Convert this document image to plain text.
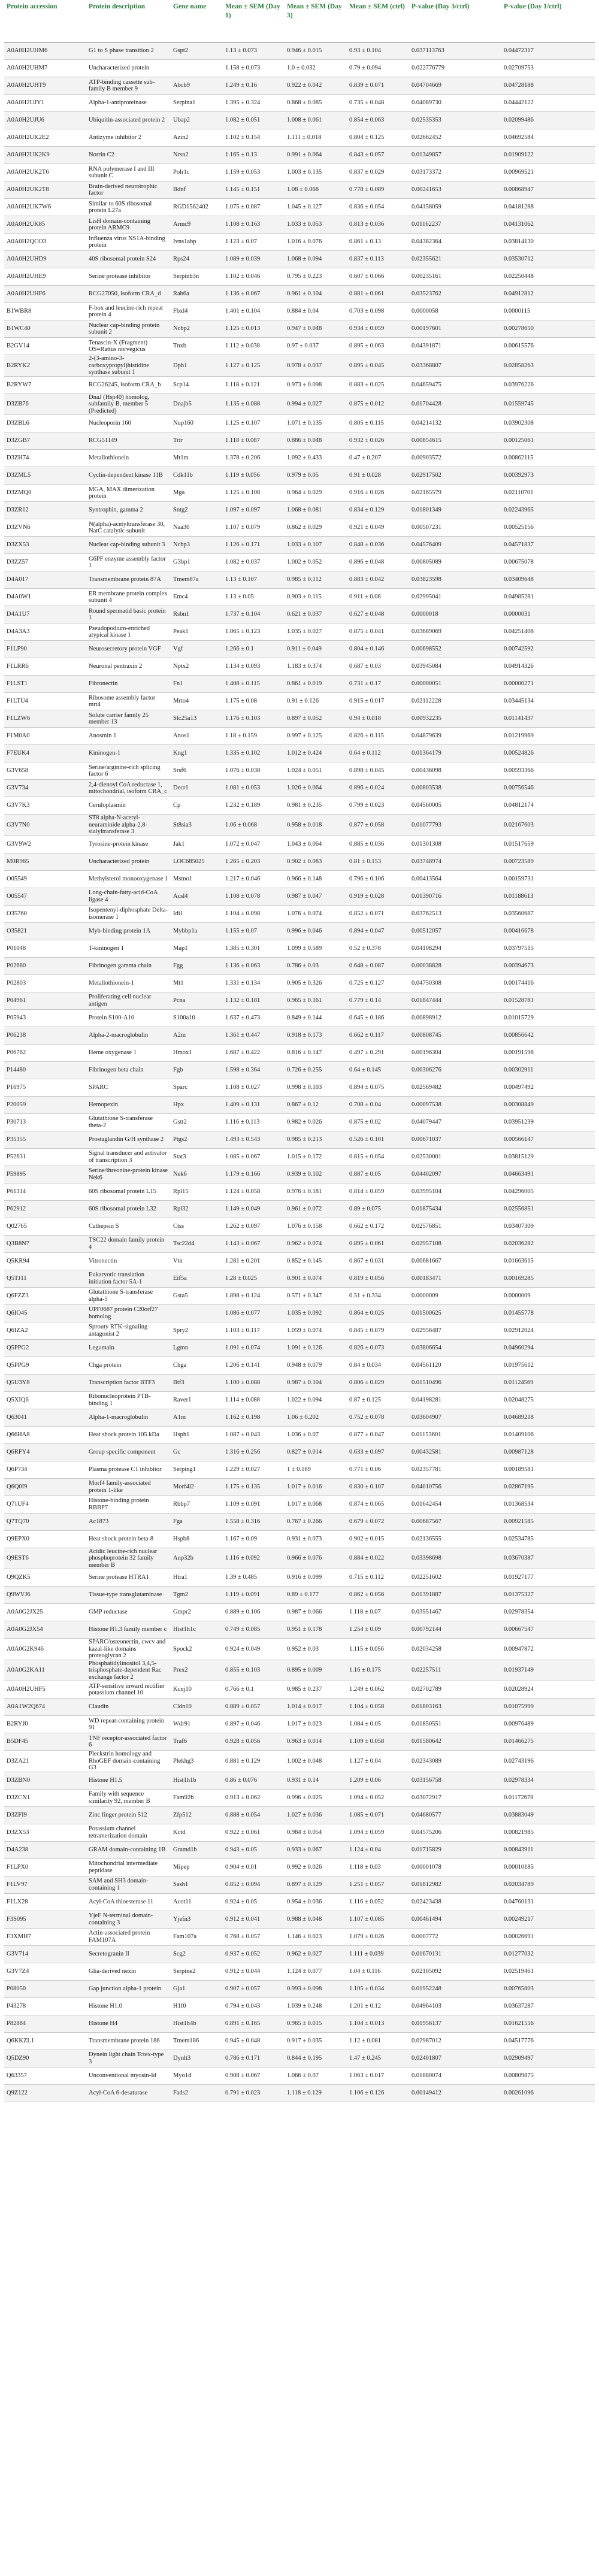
Protein accession	Protein description	Gene name	Mean ± SEM (Day 1)	Mean ± SEM (Day 3)	Mean ± SEM (ctrl)	P-value (Day 3/ctrl)	P-value (Day 1/ctrl)
A0A0H2UHM6	G1 to S phase transition 2	Gspt2	1.13 ± 0.073	0.946 ± 0.015	0.93 ± 0.104	0.037113763	0.04472317
A0A0H2UHM7	Uncharacterized protein		1.158 ± 0.073	1.0 ± 0.032	0.79 ± 0.094	0.022776779	0.02709753
A0A0H2UHT9	ATP-binding cassette sub-family B member 9	Abcb9	1.249 ± 0.16	0.922 ± 0.042	0.839 ± 0.071	0.04704669	0.04728188
A0A0H2UJY1	Alpha-1-antiproteinase	Serpina1	1.395 ± 0.324	0.868 ± 0.085	0.735 ± 0.048	0.04089730	0.04442122
A0A0H2UJU6	Ubiquitin-associated protein 2	Ubap2	1.082 ± 0.051	1.008 ± 0.061	0.854 ± 0.063	0.02535353	0.02099486
A0A0H2UK2E2	Antizyme inhibitor 2	Azin2	1.102 ± 0.154	1.111 ± 0.018	0.804 ± 0.125	0.02662452	0.04692584
A0A0H2UK2K9	Norrin C2	Nrsn2	1.165 ± 0.13	0.991 ± 0.064	0.843 ± 0.057	0.01349857	0.01909122
A0A0H2UK2T6	RNA polymerase I and III subunit C	Polr1c	1.159 ± 0.053	1.003 ± 0.135	0.837 ± 0.029	0.03173372	0.00969521
A0A0H2UK2T8	Brain-derived neurotrophic factor	Bdnf	1.145 ± 0.151	1.08 ± 0.068	0.778 ± 0.089	0.00241653	0.00868947
A0A0H2UK7W6	Similar to 60S ribosomal protein L27a	RGD1562402	1.075 ± 0.087	1.045 ± 0.127	0.836 ± 0.054	0.04158059	0.04181288
A0A0H2UK85	LisH domain-containing protein ARMC9	Armc9	1.108 ± 0.163	1.033 ± 0.053	0.813 ± 0.036	0.01162237	0.04131062
A0A0H2QCO3	Influenza virus NS1A-binding protein	Ivns1abp	1.123 ± 0.07	1.016 ± 0.076	0.861 ± 0.13	0.04382364	0.03814130
A0A0H2UHD9	40S ribosomal protein S24	Rps24	1.089 ± 0.039	1.068 ± 0.094	0.837 ± 0.113	0.02355621	0.03530712
A0A0H2UHE9	Serine protease inhibitor	Serpinb3n	1.102 ± 0.046	0.795 ± 0.223	0.607 ± 0.066	0.00235161	0.02250448
A0A0H2UHF6	RCG27050, isoform CRA_d	Rab6a	1.136 ± 0.067	0.961 ± 0.104	0.881 ± 0.061	0.03523762	0.04912812
B1WBR8	F-box and leucine-rich repeat protein 4	Fbxl4	1.401 ± 0.104	0.884 ± 0.04	0.703 ± 0.098	0.0000058	0.0000115
B1WC40	Nuclear cap-binding protein subunit 2	Ncbp2	1.125 ± 0.013	0.947 ± 0.048	0.934 ± 0.059	0.00197601	0.00278650
B2GV14	Tenascin-X (Fragment) OS=Rattus norvegicus	Tnxb	1.112 ± 0.038	0.97 ± 0.037	0.895 ± 0.063	0.04391871	0.00615576
B2RYK2	2-(3-amino-3-carboxypropyl)histidine synthase subunit 1	Dph1	1.127 ± 0.125	0.978 ± 0.037	0.895 ± 0.045	0.03368807	0.02858263
B2RYW7	RCG26245, isoform CRA_b	Scp14	1.118 ± 0.121	0.973 ± 0.098	0.883 ± 0.025	0.04659475	0.03976226
D3ZB76	DnaJ (Hsp40) homolog, subfamily B, member 5 (Predicted)	Dnajb5	1.135 ± 0.088	0.994 ± 0.027	0.875 ± 0.012	0.01704428	0.01559745
D3ZBL6	Nucleoporin 160	Nup160	1.125 ± 0.107	1.071 ± 0.135	0.805 ± 0.115	0.04214132	0.03902308
D3ZGB7	RCG51149	Trir	1.118 ± 0.087	0.886 ± 0.048	0.932 ± 0.026	0.00854615	0.00125061
D3ZH74	Metallothionein	Mt1m	1.378 ± 0.206	1.092 ± 0.433	0.47 ± 0.207	0.00903572	0.00862115
D3ZML5	Cyclin-dependent kinase 11B	Cdk11b	1.119 ± 0.056	0.979 ± 0.05	0.91 ± 0.028	0.02917502	0.00392973
D3ZMQ0	MGA, MAX dimerization protein	Mga	1.125 ± 0.108	0.964 ± 0.029	0.916 ± 0.026	0.02165579	0.02110701
D3ZR12	Syntrophin, gamma 2	Sntg2	1.097 ± 0.097	1.068 ± 0.081	0.834 ± 0.129	0.01801349	0.02243965
D3ZVN6	N(alpha)-acetyltransferase 30, NatC catalytic subunit	Naa30	1.107 ± 0.079	0.862 ± 0.029	0.921 ± 0.049	0.00507231	0.00525156
D3ZX53	Nuclear cap-binding subunit 3	Ncbp3	1.126 ± 0.171	1.033 ± 0.107	0.848 ± 0.036	0.04576409	0.04571837
D3ZZ57	G6PF enzyme assembly factor 1	G3bp1	1.082 ± 0.037	1.002 ± 0.052	0.896 ± 0.048	0.00805089	0.00675078
D4A017	Transmembrane protein 87A	Tmem87a	1.13 ± 0.107	0.985 ± 0.112	0.883 ± 0.042	0.03823598	0.03409648
D4A0W1	ER membrane protein complex subunit 4	Emc4	1.13 ± 0.05	0.903 ± 0.115	0.911 ± 0.08	0.02995041	0.04985281
D4A1U7	Round spermatid basic protein 1	Rsbn1	1.737 ± 0.104	0.621 ± 0.037	0.627 ± 0.048	0.0000018	0.0000031
D4A3A3	Pseudopodium-enriched atypical kinase 1	Peak1	1.065 ± 0.123	1.035 ± 0.027	0.875 ± 0.041	0.03689069	0.04251408
F1LP90	Neurosecretory protein VGF	Vgf	1.266 ± 0.1	0.911 ± 0.049	0.804 ± 0.146	0.00698552	0.00742592
F1LRR6	Neuronal pentraxin 2	Nptx2	1.134 ± 0.093	1.183 ± 0.374	0.687 ± 0.03	0.03945084	0.04914326
F1LST1	Fibronectin	Fn1	1.408 ± 0.115	0.861 ± 0.019	0.731 ± 0.17	0.00000051	0.00000271
F1LTU4	Ribosome assembly factor mrt4	Mrto4	1.175 ± 0.08	0.91 ± 0.126	0.915 ± 0.017	0.02112228	0.03445134
F1LZW6	Solute carrier family 25 member 13	Slc25a13	1.176 ± 0.103	0.897 ± 0.052	0.94 ± 0.018	0.00932235	0.01141437
F1M0A0	Anosmin 1	Anos1	1.18 ± 0.159	0.997 ± 0.125	0.826 ± 0.115	0.04879639	0.01219969
F7EUK4	Kininogen-1	Kng1	1.335 ± 0.102	1.012 ± 0.424	0.64 ± 0.112	0.01364179	0.00524826
G3V658	Serine/arginine-rich splicing factor 6	Srsf6	1.076 ± 0.038	1.024 ± 0.051	0.898 ± 0.045	0.00436098	0.00593366
G3V734	2,4-dienoyl CoA reductase 1, mitochondrial, isoform CRA_c	Decr1	1.081 ± 0.053	1.026 ± 0.064	0.896 ± 0.024	0.00803538	0.00756546
G3V7K3	Ceruloplasmin	Cp	1.232 ± 0.189	0.981 ± 0.235	0.799 ± 0.023	0.04560005	0.04812174
G3V7N0	ST8 alpha-N-acetyl-neuraminide alpha-2,8-sialyltransferase 3	St8sia3	1.06 ± 0.068	0.958 ± 0.018	0.877 ± 0.058	0.01077793	0.02167603
G3V9W2	Tyrosine-protein kinase	Jak1	1.072 ± 0.047	1.043 ± 0.064	0.885 ± 0.036	0.01301308	0.01517659
M0R965	Uncharacterized protein	LOC685025	1.265 ± 0.203	0.902 ± 0.083	0.81 ± 0.153	0.03748974	0.00723589
O05549	Methylsterol monooxygenase 1	Msmo1	1.217 ± 0.046	0.966 ± 0.148	0.796 ± 0.106	0.00413564	0.00159731
O05547	Long-chain-fatty-acid-CoA ligase 4	Acsl4	1.108 ± 0.078	0.987 ± 0.047	0.919 ± 0.028	0.01390716	0.01188613
O35760	Isopentenyl-diphosphate Delta-isomerase 1	Idi1	1.104 ± 0.098	1.076 ± 0.074	0.852 ± 0.071	0.03762513	0.03560687
O35821	Myb-binding protein 1A	Mybbp1a	1.155 ± 0.07	0.996 ± 0.046	0.894 ± 0.047	0.00512057	0.00416678
P01048	T-kininogen 1	Map1	1.385 ± 0.301	1.099 ± 0.589	0.52 ± 0.378	0.04108294	0.03797515
P02680	Fibrinogen gamma chain	Fgg	1.136 ± 0.063	0.786 ± 0.03	0.648 ± 0.087	0.00038828	0.00394673
P02803	Metallothionein-1	Mt1	1.331 ± 0.134	0.905 ± 0.326	0.725 ± 0.127	0.04750308	0.00174416
P04961	Proliferating cell nuclear antigen	Pcna	1.132 ± 0.181	0.965 ± 0.161	0.779 ± 0.14	0.01847444	0.01528781
P05943	Protein S100-A10	S100a10	1.637 ± 0.473	0.849 ± 0.144	0.645 ± 0.186	0.00898912	0.01015729
P06238	Alpha-2-macroglobulin	A2m	1.361 ± 0.447	0.918 ± 0.173	0.662 ± 0.117	0.00808745	0.00856642
P06762	Heme oxygenase 1	Hmox1	1.687 ± 0.422	0.816 ± 0.147	0.497 ± 0.291	0.00196304	0.00191598
P14480	Fibrinogen beta chain	Fgb	1.598 ± 0.364	0.726 ± 0.255	0.64 ± 0.145	0.00306276	0.00302911
P16975	SPARC	Sparc	1.108 ± 0.027	0.998 ± 0.103	0.894 ± 0.075	0.02569482	0.00497492
P20059	Hemopexin	Hpx	1.409 ± 0.131	0.867 ± 0.12	0.708 ± 0.04	0.00097538	0.00308849
P30713	Glutathione S-transferase theta-2	Gstt2	1.116 ± 0.113	0.982 ± 0.026	0.875 ± 0.02	0.04079447	0.03951239
P35355	Prostaglandin G/H synthase 2	Ptgs2	1.493 ± 0.543	0.985 ± 0.213	0.526 ± 0.101	0.00671037	0.00566147
P52631	Signal transducer and activator of transcription 3	Stat3	1.085 ± 0.067	1.015 ± 0.172	0.815 ± 0.054	0.02530001	0.03815129
P59895	Serine/threonine-protein kinase Nek6	Nek6	1.179 ± 0.166	0.939 ± 0.102	0.887 ± 0.05	0.04402097	0.04663491
P61314	60S ribosomal protein L15	Rpl15	1.124 ± 0.058	0.976 ± 0.181	0.814 ± 0.059	0.03995104	0.04296005
P62912	60S ribosomal protein L32	Rpl32	1.149 ± 0.049	0.961 ± 0.072	0.89 ± 0.075	0.01875434	0.02556851
Q02765	Cathepsin S	Ctss	1.262 ± 0.097	1.076 ± 0.158	0.662 ± 0.172	0.02576851	0.03407309
Q3B8N7	TSC22 domain family protein 4	Tsc22d4	1.143 ± 0.067	0.962 ± 0.074	0.895 ± 0.061	0.02957108	0.02036282
Q5KR94	Vitronectin	Vtn	1.281 ± 0.201	0.852 ± 0.145	0.867 ± 0.031	0.00681667	0.01663615
Q5TJ11	Eukaryotic translation initiation factor 5A-1	Eif5a	1.28 ± 0.025	0.901 ± 0.074	0.819 ± 0.056	0.00183471	0.00169285
Q6FZZ3	Glutathione S-transferase alpha-5	Gsta5	1.898 ± 0.124	0.571 ± 0.347	0.51 ± 0.334	0.0000009	0.0000009
Q6IO45	UPF0687 protein C20orf27 homolog		1.086 ± 0.077	1.035 ± 0.092	0.864 ± 0.025	0.01500625	0.01455778
Q6IZA2	Sprouty RTK-signaling antagonist 2	Spry2	1.103 ± 0.117	1.059 ± 0.074	0.845 ± 0.079	0.02956487	0.02912024
Q5PPG2	Legumain	Lgmn	1.091 ± 0.074	1.091 ± 0.126	0.826 ± 0.073	0.03806654	0.04960294
Q5PPG9	Chga protein	Chga	1.206 ± 0.141	0.948 ± 0.079	0.84 ± 0.034	0.04561120	0.01975612
Q5U3Y8	Transcription factor BTF3	Btf3	1.100 ± 0.088	0.987 ± 0.104	0.806 ± 0.029	0.01510496	0.01124569
Q5XIQ6	Ribonucleoprotein PTB-binding 1	Raver1	1.114 ± 0.088	1.022 ± 0.094	0.87 ± 0.125	0.04198281	0.02048275
Q63041	Alpha-1-macroglobulin	A1m	1.162 ± 0.198	1.06 ± 0.202	0.752 ± 0.078	0.03604907	0.04689218
Q66HA8	Heat shock protein 105 kDa	Hsph1	1.087 ± 0.043	1.036 ± 0.07	0.877 ± 0.047	0.01153601	0.01409106
Q6RFY4	Group specific component	Gc	1.316 ± 0.256	0.827 ± 0.014	0.633 ± 0.097	0.00432581	0.00987128
Q6P734	Plasma protease C1 inhibitor	Serping1	1.229 ± 0.027	1 ± 0.169	0.771 ± 0.06	0.02357781	0.00189581
Q6Q0I9	Morf4 family-associated protein 1-like	Morf4l2	1.175 ± 0.135	1.017 ± 0.016	0.830 ± 0.107	0.04010756	0.02867195
Q71UF4	Histone-binding protein RBBP7	Rbbp7	1.109 ± 0.091	1.017 ± 0.068	0.874 ± 0.065	0.01642454	0.01368534
Q7TQ70	Ac1873	Fga	1.558 ± 0.316	0.767 ± 0.266	0.679 ± 0.072	0.00687567	0.00921585
Q9EPX0	Heat shock protein beta-8	Hspb8	1.167 ± 0.09	0.931 ± 0.073	0.902 ± 0.015	0.02136555	0.02534785
Q9EST6	Acidic leucine-rich nuclear phosphoprotein 32 family member B	Anp32b	1.116 ± 0.092	0.966 ± 0.076	0.884 ± 0.022	0.03398698	0.03670387
Q9QZK5	Serine protease HTRA1	Htra1	1.39 ± 0.485	0.916 ± 0.099	0.715 ± 0.112	0.02251602	0.01927177
Q9WVJ6	Tissue-type transglutaminase	Tgm2	1.119 ± 0.091	0.89 ± 0.177	0.862 ± 0.056	0.01391887	0.01375327
A0A0G2JX25	GMP reductase	Gmpr2	0.889 ± 0.106	0.987 ± 0.066	1.118 ± 0.07	0.03551467	0.02978354
A0A0G2JX54	Histone H1.3 family member c	Hist1h1c	0.749 ± 0.085	0.951 ± 0.178	1.254 ± 0.09	0.00792144	0.00667547
A0A0G2K946	SPARC/osteonectin, cwcv and kazal-like domains proteoglycan 2	Spock2	0.924 ± 0.049	0.952 ± 0.03	1.115 ± 0.056	0.02034258	0.00947872
A0A0G2KA11	Phosphatidylinositol 3,4,5-trisphosphate-dependent Rac exchange factor 2	Prex2	0.855 ± 0.103	0.895 ± 0.009	1.16 ± 0.175	0.02257511	0.01937149
A0A0H2UHF5	ATP-sensitive inward rectifier potassium channel 10	Kcnj10	0.766 ± 0.1	0.985 ± 0.237	1.249 ± 0.062	0.02702789	0.02028924
A0A1W2Q674	Claudin	Cldn10	0.889 ± 0.057	1.014 ± 0.017	1.104 ± 0.058	0.01803163	0.01075999
B2RYJ0	WD repeat-containing protein 91	Wdr91	0.897 ± 0.046	1.017 ± 0.023	1.084 ± 0.05	0.01850551	0.00976489
B5DF45	TNF receptor-associated factor 6	Traf6	0.928 ± 0.056	0.963 ± 0.014	1.109 ± 0.058	0.01580642	0.01466275
D3ZA21	Pleckstrin homology and RhoGEF domain-containing G3	Plekhg3	0.881 ± 0.129	1.002 ± 0.048	1.127 ± 0.04	0.02343089	0.02743196
D3ZBN0	Histone H1.5	Hist1h1b	0.86 ± 0.076	0.931 ± 0.14	1.209 ± 0.06	0.03156758	0.02978334
D3ZCN1	Family with sequence similarity 92, member B	Fam92b	0.913 ± 0.062	0.996 ± 0.025	1.094 ± 0.052	0.03072917	0.01172678
D3ZFI9	Zinc finger protein 512	Zfp512	0.888 ± 0.054	1.027 ± 0.036	1.085 ± 0.071	0.04680577	0.03883049
D3ZX53	Potassium channel tetramerization domain	Kctd	0.922 ± 0.061	0.984 ± 0.054	1.094 ± 0.059	0.04575206	0.00821985
D4A238	GRAM domain-containing 1B	Gramd1b	0.943 ± 0.05	0.933 ± 0.067	1.124 ± 0.04	0.01715829	0.00843911
F1LPX0	Mitochondrial intermediate peptidase	Mipep	0.904 ± 0.01	0.992 ± 0.026	1.118 ± 0.03	0.00001078	0.00010185
F1LV97	SAM and SH3 domain-containing 1	Sash1	0.852 ± 0.094	0.897 ± 0.129	1.251 ± 0.057	0.01812982	0.02034789
F1LX28	Acyl-CoA thioesterase 11	Acot11	0.924 ± 0.05	0.954 ± 0.036	1.116 ± 0.052	0.02423438	0.04760131
F3S095	YjeF N-terminal domain-containing 3	Yjefn3	0.912 ± 0.041	0.988 ± 0.048	1.107 ± 0.085	0.00461494	0.00249217
F3XMH7	Actin-associated protein FAM107A	Fam107a	0.768 ± 0.057	1.146 ± 0.023	1.079 ± 0.026	0.0007772	0.00026691
G3V714	Secretogranin II	Scg2	0.937 ± 0.052	0.962 ± 0.027	1.111 ± 0.039	0.01670131	0.01277032
G3V7Z4	Glia-derived nexin	Serpine2	0.912 ± 0.044	1.124 ± 0.077	1.04 ± 0.116	0.02105092	0.02519461
P08050	Gap junction alpha-1 protein	Gja1	0.907 ± 0.057	0.993 ± 0.098	1.105 ± 0.034	0.01952248	0.00765803
P43278	Histone H1.0	H1f0	0.794 ± 0.043	1.039 ± 0.248	1.201 ± 0.12	0.04964103	0.03637287
P82884	Histone H4	Hist1h4b	0.891 ± 0.165	0.965 ± 0.015	1.104 ± 0.013	0.01956137	0.01621556
Q6KKZL1	Transmembrane protein 186	Tmem186	0.945 ± 0.048	0.917 ± 0.035	1.12 ± 0.081	0.02987012	0.04517776
Q5DZ90	Dynein light chain Tctex-type 3	Dynlt3	0.786 ± 0.171	0.844 ± 0.195	1.47 ± 0.245	0.02401807	0.02909497
Q63357	Unconventional myosin-Id	Myo1d	0.908 ± 0.067	1.066 ± 0.07	1.063 ± 0.017	0.01880074	0.00809875
Q9Z122	Acyl-CoA 6-desaturase	Fads2	0.791 ± 0.023	1.118 ± 0.129	1.106 ± 0.126	0.00149412	0.00261096
